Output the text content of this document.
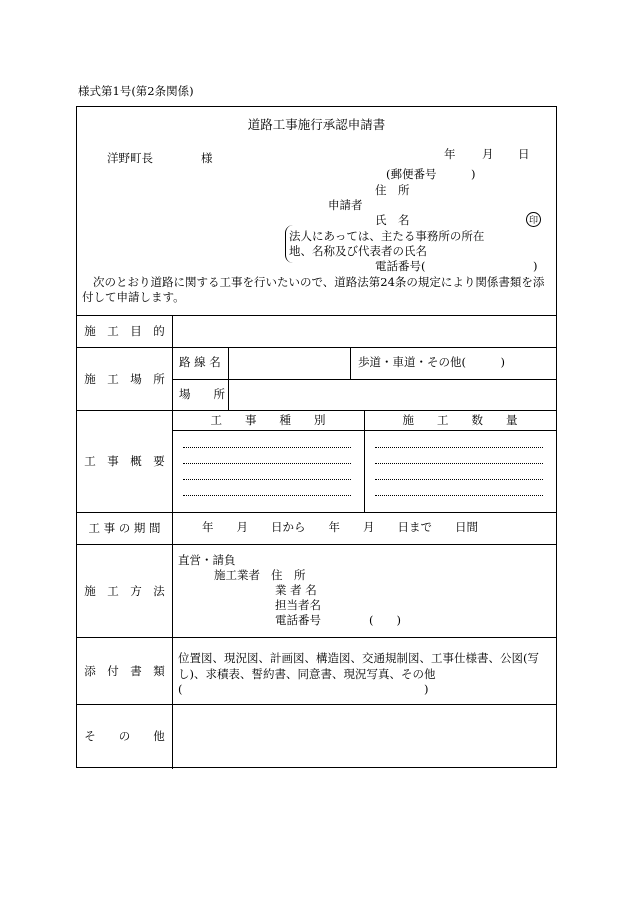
様式第1号(第2条関係)
道路工事施行承認申請書
年 月 日
洋野町長	様
(郵便番号　　　)
住　所
申請者
氏　名	印
法人にあっては、主たる事務所の所在
地、名称及び代表者の氏名
電話番号(	)
次のとおり道路に関する工事を行いたいので、道路法第24条の規定により関係書類を添付して申請します。
施　工　目　的
施　工　場　所
路 線 名	歩道・車道・その他(　　　)
場　　所
工　事　概　要
工　　事　　種　　別	施　　工　　数　　量
工 事 の 期 間	年　　月　　日から　　年　　月　　日まで　　日間
施　工　方　法
直営・請負
施工業者 住　所
業 者 名
担当者名
電話番号	(　　)
添　付　書　類
位置図、現況図、計画図、構造図、交通規制図、工事仕様書、公図(写し)、求積表、誓約書、同意書、現況写真、その他(　　　　　　　　　　　　　　　　　　　　　)
そ　　の　　他
